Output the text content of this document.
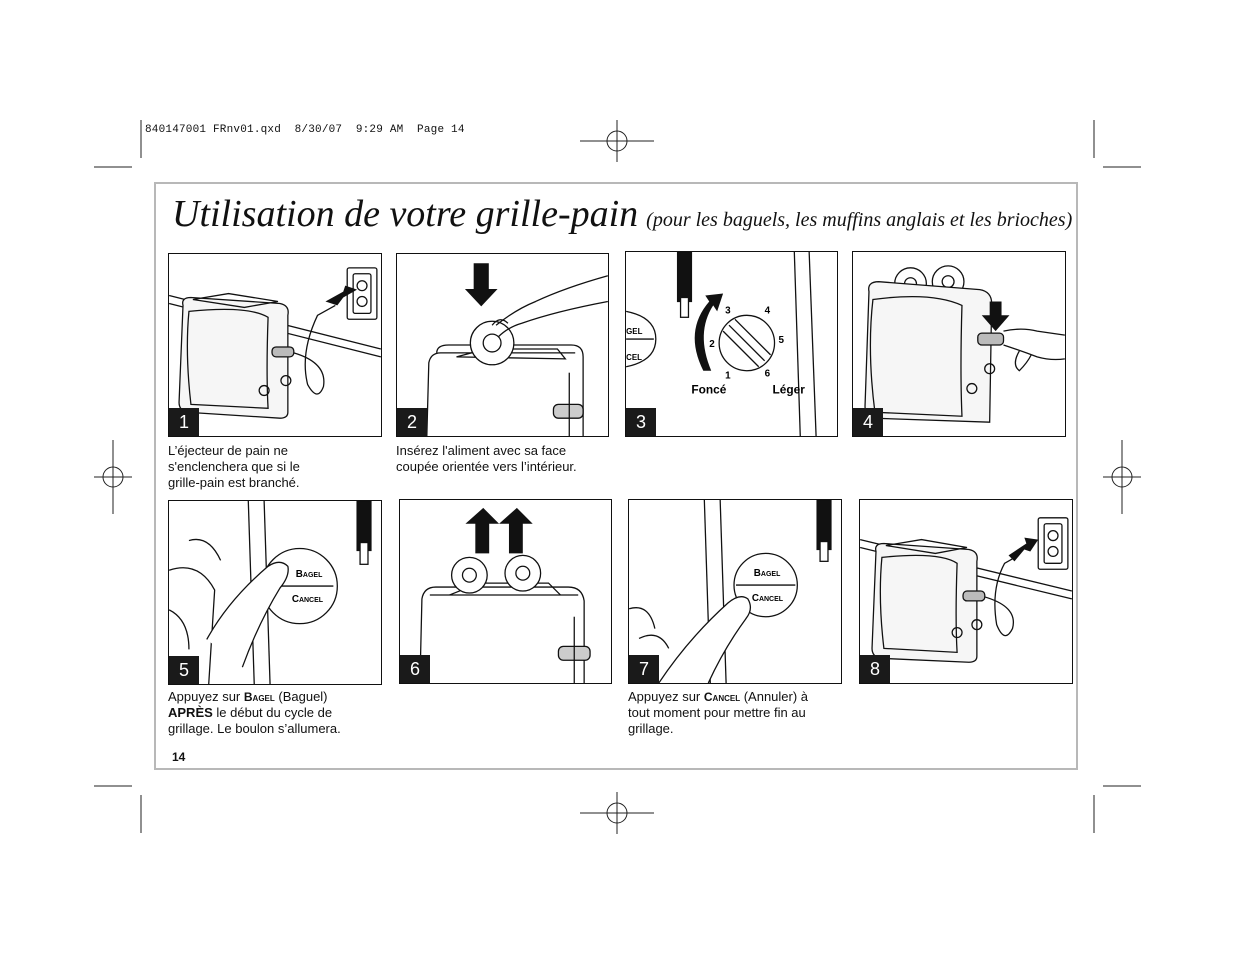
840147001 FRnv01.qxd  8/30/07  9:29 AM  Page 14
Utilisation de votre grille-pain (pour les baguels, les muffins anglais et les brioches)
1
L’éjecteur de pain ne
s'enclenchera que si le
grille-pain est branché.
2
Insérez l'aliment avec sa face
coupée orientée vers l’intérieur.
1
2
3	4
5
6
Foncé	Léger
GEL
CEL
3	4
Bagel
Cancel
5
Appuyez sur Bagel (Baguel)
APRÈS le début du cycle de
grillage. Le boulon s’allumera.
6
Bagel
Cancel
7
Appuyez sur Cancel (Annuler) à
tout moment pour mettre fin au
grillage.
8
14
